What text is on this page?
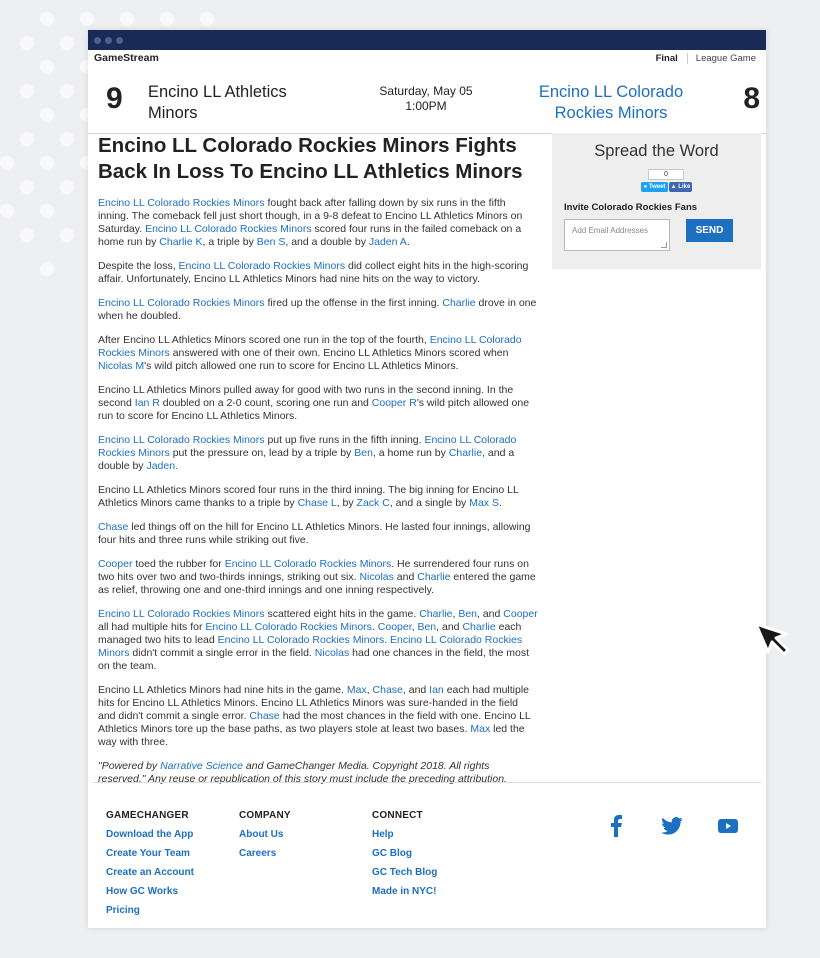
GameStream	Final	League Game
9 Encino LL Athletics Minors
Saturday, May 05
1:00PM
Encino LL Colorado Rockies Minors	8
Encino LL Colorado Rockies Minors Fights Back In Loss To Encino LL Athletics Minors

Encino LL Colorado Rockies Minors fought back after falling down by six runs in the fifth inning. The comeback fell just short though, in a 9-8 defeat to Encino LL Athletics Minors on Saturday. Encino LL Colorado Rockies Minors scored four runs in the failed comeback on a home run by Charlie K, a triple by Ben S, and a double by Jaden A.

Despite the loss, Encino LL Colorado Rockies Minors did collect eight hits in the high-scoring affair. Unfortunately, Encino LL Athletics Minors had nine hits on the way to victory.

Encino LL Colorado Rockies Minors fired up the offense in the first inning. Charlie drove in one when he doubled.

After Encino LL Athletics Minors scored one run in the top of the fourth, Encino LL Colorado Rockies Minors answered with one of their own. Encino LL Athletics Minors scored when Nicolas M's wild pitch allowed one run to score for Encino LL Athletics Minors.

Encino LL Athletics Minors pulled away for good with two runs in the second inning. In the second Ian R doubled on a 2-0 count, scoring one run and Cooper R's wild pitch allowed one run to score for Encino LL Athletics Minors.

Encino LL Colorado Rockies Minors put up five runs in the fifth inning. Encino LL Colorado Rockies Minors put the pressure on, lead by a triple by Ben, a home run by Charlie, and a double by Jaden.

Encino LL Athletics Minors scored four runs in the third inning. The big inning for Encino LL Athletics Minors came thanks to a triple by Chase L, by Zack C, and a single by Max S.

Chase led things off on the hill for Encino LL Athletics Minors. He lasted four innings, allowing four hits and three runs while striking out five.

Cooper toed the rubber for Encino LL Colorado Rockies Minors. He surrendered four runs on two hits over two and two-thirds innings, striking out six. Nicolas and Charlie entered the game as relief, throwing one and one-third innings and one inning respectively.

Encino LL Colorado Rockies Minors scattered eight hits in the game. Charlie, Ben, and Cooper all had multiple hits for Encino LL Colorado Rockies Minors. Cooper, Ben, and Charlie each managed two hits to lead Encino LL Colorado Rockies Minors. Encino LL Colorado Rockies Minors didn't commit a single error in the field. Nicolas had one chances in the field, the most on the team.

Encino LL Athletics Minors had nine hits in the game. Max, Chase, and Ian each had multiple hits for Encino LL Athletics Minors. Encino LL Athletics Minors was sure-handed in the field and didn't commit a single error. Chase had the most chances in the field with one. Encino LL Athletics Minors tore up the base paths, as two players stole at least two bases. Max led the way with three.

"Powered by Narrative Science and GameChanger Media. Copyright 2018. All rights reserved." Any reuse or republication of this story must include the preceding attribution.

Spread the Word
0
● Tweet ▲ Like
Invite Colorado Rockies Fans
Add Email Addresses	SEND
GAMECHANGER
Download the App
Create Your Team
Create an Account
How GC Works
Pricing
COMPANY
About Us
Careers
CONNECT
Help
GC Blog
GC Tech Blog
Made in NYC!
